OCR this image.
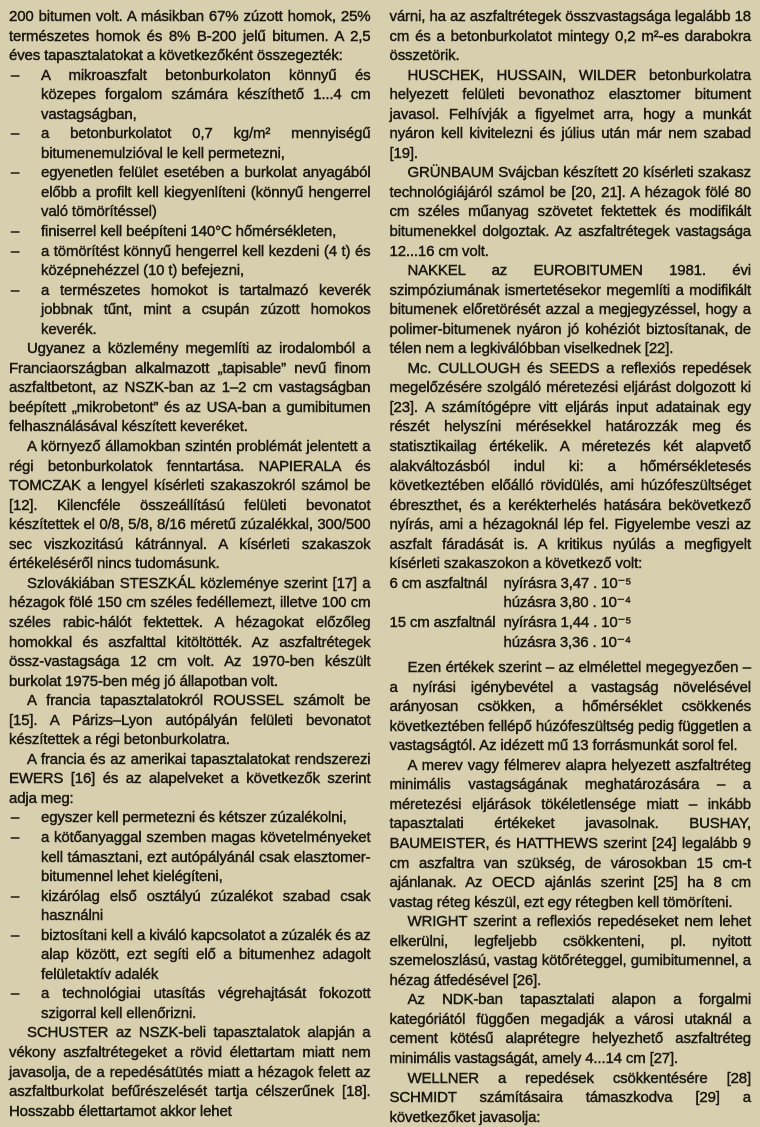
200 bitumen volt. A másikban 67% zúzott homok, 25% természetes homok és 8% B-200 jelű bitumen. A 2,5 éves tapasztalatokat a következőként összegezték:

–	A mikroaszfalt betonburkolaton könnyű és közepes forgalom számára készíthető 1...4 cm vastagságban,
–	a betonburkolatot 0,7 kg/m² mennyiségű bitumenemulzióval le kell permetezni,
–	egyenetlen felület esetében a burkolat anyagából előbb a profilt kell kiegyenlíteni (könnyű hengerrel való tömörítéssel)
–	finiserrel kell beépíteni 140°C hőmérsékleten,
–	a tömörítést könnyű hengerrel kell kezdeni (4 t) és középnehézzel (10 t) befejezni,
–	a természetes homokot is tartalmazó keverék jobbnak tűnt, mint a csupán zúzott homokos keverék.

Ugyanez a közlemény megemlíti az irodalomból a Franciaországban alkalmazott „tapisable” nevű finom aszfaltbetont, az NSZK-ban az 1–2 cm vastagságban beépített „mikrobetont” és az USA-ban a gumibitumen felhasználásával készített keveréket.

A környező államokban szintén problémát jelentett a régi betonburkolatok fenntartása. NAPIERALA és TOMCZAK a lengyel kísérleti szakaszokról számol be [12]. Kilencféle összeállítású felületi bevonatot készítettek el 0/8, 5/8, 8/16 méretű zúzalékkal, 300/500 sec viszkozitású kátránnyal. A kísérleti szakaszok értékeléséről nincs tudomásunk.

Szlovákiában STESZKÁL közleménye szerint [17] a hézagok fölé 150 cm széles fedéllemezt, illetve 100 cm széles rabic-hálót fektettek. A hézagokat előzőleg homokkal és aszfalttal kitöltötték. Az aszfaltrétegek össz-vastagsága 12 cm volt. Az 1970-ben készült burkolat 1975-ben még jó állapotban volt.

A francia tapasztalatokról ROUSSEL számolt be [15]. A Párizs–Lyon autópályán felületi bevonatot készítettek a régi betonburkolatra.

A francia és az amerikai tapasztalatokat rendszerezi EWERS [16] és az alapelveket a következők szerint adja meg:

–	egyszer kell permetezni és kétszer zúzalékolni,
–	a kötőanyaggal szemben magas követelményeket kell támasztani, ezt autópályánál csak elasztomer-bitumennel lehet kielégíteni,
–	kizárólag első osztályú zúzalékot szabad csak használni
–	biztosítani kell a kiváló kapcsolatot a zúzalék és az alap között, ezt segíti elő a bitumenhez adagolt felületaktív adalék
–	a technológiai utasítás végrehajtását fokozott szigorral kell ellenőrizni.

SCHUSTER az NSZK-beli tapasztalatok alapján a vékony aszfaltrétegeket a rövid élettartam miatt nem javasolja, de a repedésátütés miatt a hézagok felett az aszfaltburkolat befűrészelését tartja célszerűnek [18]. Hosszabb élettartamot akkor lehet

várni, ha az aszfaltrétegek összvastagsága legalább 18 cm és a betonburkolatot mintegy 0,2 m²-es darabokra összetörik.

HUSCHEK, HUSSAIN, WILDER betonburkolatra helyezett felületi bevonathoz elasztomer bitument javasol. Felhívják a figyelmet arra, hogy a munkát nyáron kell kivitelezni és július után már nem szabad [19].

GRÜNBAUM Svájcban készített 20 kísérleti szakasz technológiájáról számol be [20, 21]. A hézagok fölé 80 cm széles műanyag szövetet fektettek és modifikált bitumenekkel dolgoztak. Az aszfaltrétegek vastagsága 12...16 cm volt.

NAKKEL az EUROBITUMEN 1981. évi szimpóziumának ismertetésekor megemlíti a modifikált bitumenek előretörését azzal a megjegyzéssel, hogy a polimer-bitumenek nyáron jó kohéziót biztosítanak, de télen nem a legkiválóbban viselkednek [22].

Mc. CULLOUGH és SEEDS a reflexiós repedések megelőzésére szolgáló méretezési eljárást dolgozott ki [23]. A számítógépre vitt eljárás input adatainak egy részét helyszíni mérésekkel határozzák meg és statisztikailag értékelik. A méretezés két alapvető alakváltozásból indul ki: a hőmérsékletesés következtében előálló rövidülés, ami húzófeszültséget ébreszthet, és a kerékterhelés hatására bekövetkező nyírás, ami a hézagoknál lép fel. Figyelembe veszi az aszfalt fáradását is. A kritikus nyúlás a megfigyelt kísérleti szakaszokon a következő volt:

6 cm aszfaltnál	nyírásra 3,47 . 10⁻⁵
húzásra 3,80 . 10⁻⁴
15 cm aszfaltnál nyírásra 1,44 . 10⁻⁵
húzásra 3,36 . 10⁻⁴

Ezen értékek szerint – az elmélettel megegyezően – a nyírási igénybevétel a vastagság növelésével arányosan csökken, a hőmérséklet csökkenés következtében fellépő húzófeszültség pedig független a vastagságtól. Az idézett mű 13 forrásmunkát sorol fel.

A merev vagy félmerev alapra helyezett aszfaltréteg minimális vastagságának meghatározására – a méretezési eljárások tökéletlensége miatt – inkább tapasztalati értékeket javasolnak. BUSHAY, BAUMEISTER, és HATTHEWS szerint [24] legalább 9 cm aszfaltra van szükség, de városokban 15 cm-t ajánlanak. Az OECD ajánlás szerint [25] ha 8 cm vastag réteg készül, ezt egy rétegben kell tömöríteni.

WRIGHT szerint a reflexiós repedéseket nem lehet elkerülni, legfeljebb csökkenteni, pl. nyitott szemeloszlású, vastag kötőréteggel, gumibitumennel, a hézag átfedésével [26].

Az NDK-ban tapasztalati alapon a forgalmi kategóriától függően megadják a városi utaknál a cement kötésű alaprétegre helyezhető aszfaltréteg minimális vastagságát, amely 4...14 cm [27].

WELLNER a repedések csökkentésére [28] SCHMIDT számításaira támaszkodva [29] a következőket javasolja:
